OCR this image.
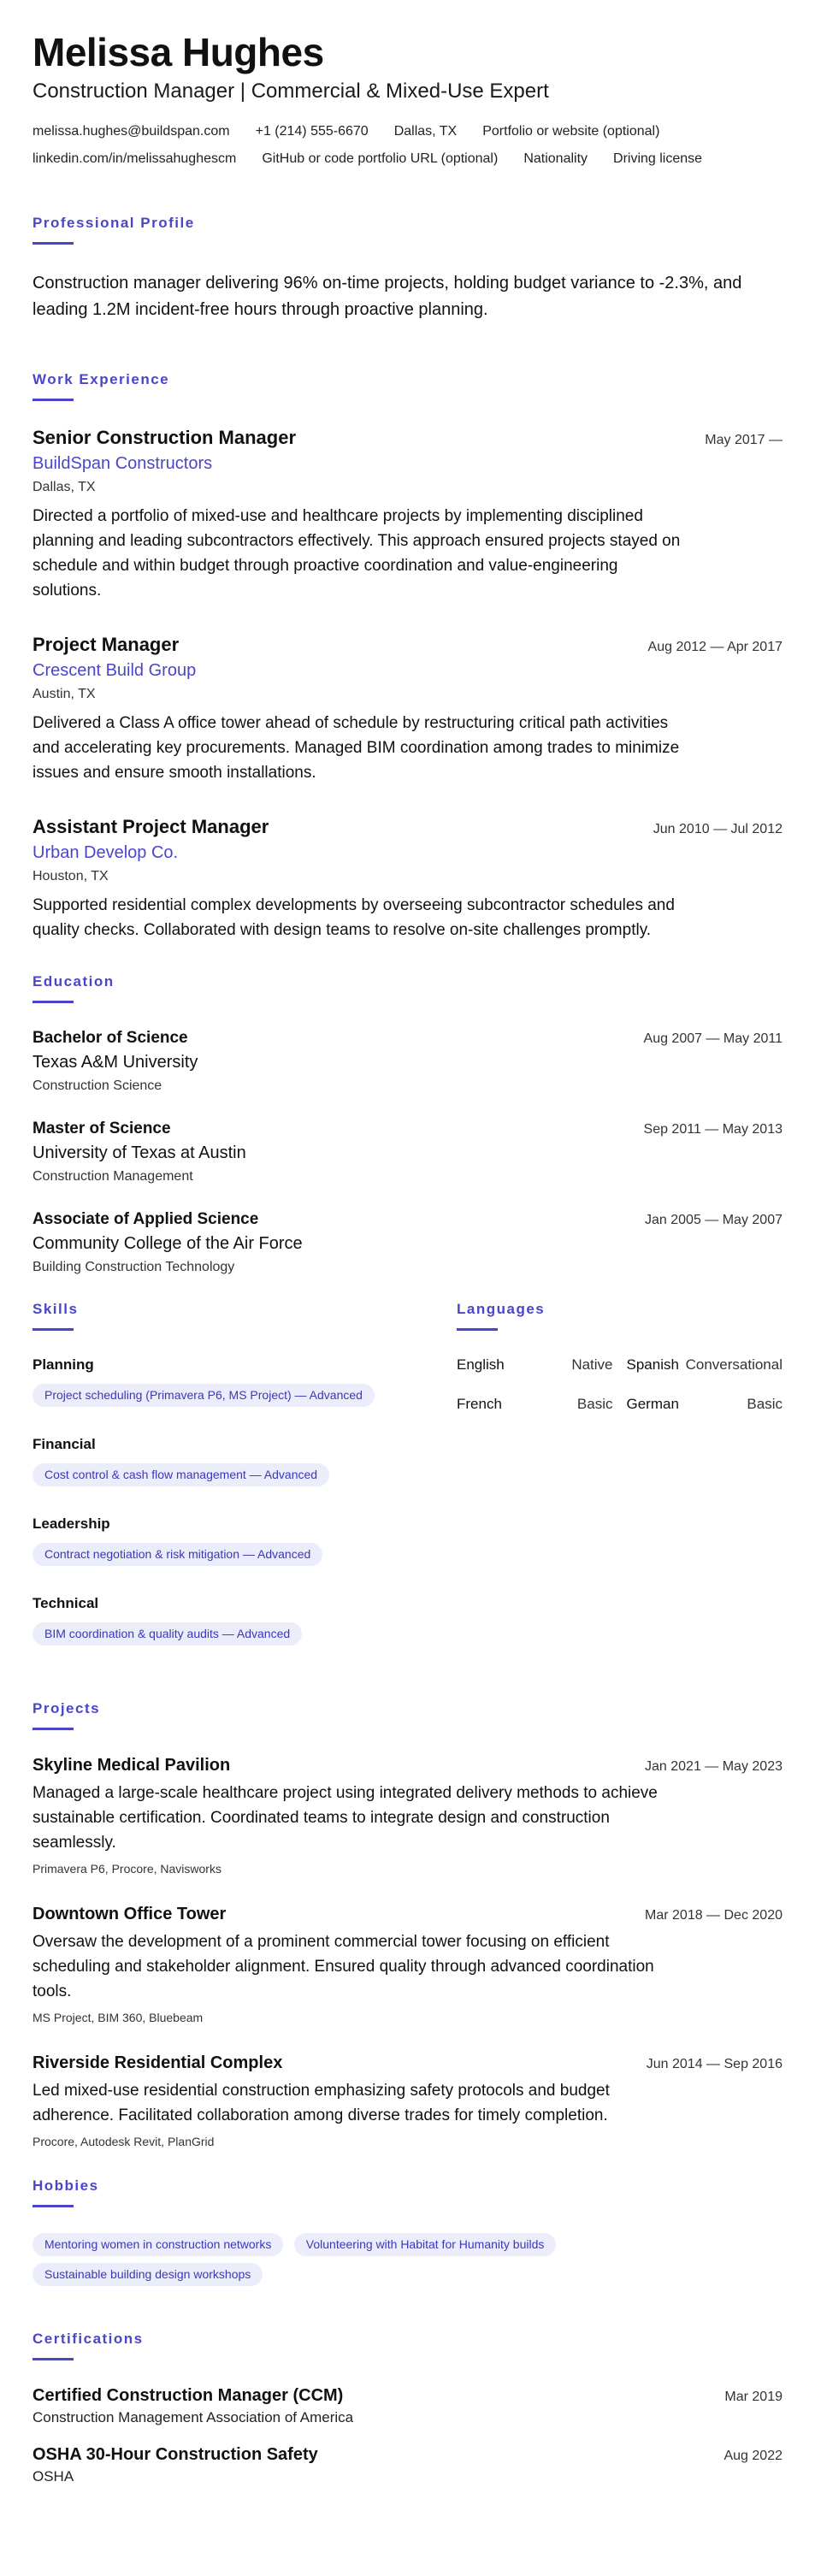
Melissa Hughes
Construction Manager | Commercial & Mixed-Use Expert
melissa.hughes@buildspan.com +1 (214) 555-6670 Dallas, TX Portfolio or website (optional)
linkedin.com/in/melissahughescm GitHub or code portfolio URL (optional) Nationality Driving license
Professional Profile

Construction manager delivering 96% on-time projects, holding budget variance to -2.3%, and leading 1.2M incident-free hours through proactive planning.

Work Experience
Senior Construction Manager	May 2017 —
BuildSpan Constructors
Dallas, TX

Directed a portfolio of mixed-use and healthcare projects by implementing disciplined planning and leading subcontractors effectively. This approach ensured projects stayed on schedule and within budget through proactive coordination and value-engineering solutions.

Project Manager	Aug 2012 — Apr 2017
Crescent Build Group
Austin, TX

Delivered a Class A office tower ahead of schedule by restructuring critical path activities and accelerating key procurements. Managed BIM coordination among trades to minimize issues and ensure smooth installations.

Assistant Project Manager	Jun 2010 — Jul 2012
Urban Develop Co.
Houston, TX

Supported residential complex developments by overseeing subcontractor schedules and quality checks. Collaborated with design teams to resolve on-site challenges promptly.

Education
Bachelor of Science	Aug 2007 — May 2011
Texas A&M University
Construction Science
Master of Science	Sep 2011 — May 2013
University of Texas at Austin
Construction Management
Associate of Applied Science	Jan 2005 — May 2007
Community College of the Air Force
Building Construction Technology
Skills
Planning
Project scheduling (Primavera P6, MS Project) — Advanced
Financial
Cost control & cash flow management — Advanced
Leadership
Contract negotiation & risk mitigation — Advanced
Technical
BIM coordination & quality audits — Advanced
Languages
English	Native Spanish Conversational
French	Basic German	Basic
Projects
Skyline Medical Pavilion	Jan 2021 — May 2023

Managed a large-scale healthcare project using integrated delivery methods to achieve sustainable certification. Coordinated teams to integrate design and construction seamlessly.

Primavera P6, Procore, Navisworks
Downtown Office Tower	Mar 2018 — Dec 2020

Oversaw the development of a prominent commercial tower focusing on efficient scheduling and stakeholder alignment. Ensured quality through advanced coordination tools.

MS Project, BIM 360, Bluebeam
Riverside Residential Complex	Jun 2014 — Sep 2016

Led mixed-use residential construction emphasizing safety protocols and budget adherence. Facilitated collaboration among diverse trades for timely completion.

Procore, Autodesk Revit, PlanGrid
Hobbies
Mentoring women in construction networks	Volunteering with Habitat for Humanity builds Sustainable building design workshops
Certifications
Certified Construction Manager (CCM)	Mar 2019
Construction Management Association of America
OSHA 30-Hour Construction Safety	Aug 2022
OSHA
